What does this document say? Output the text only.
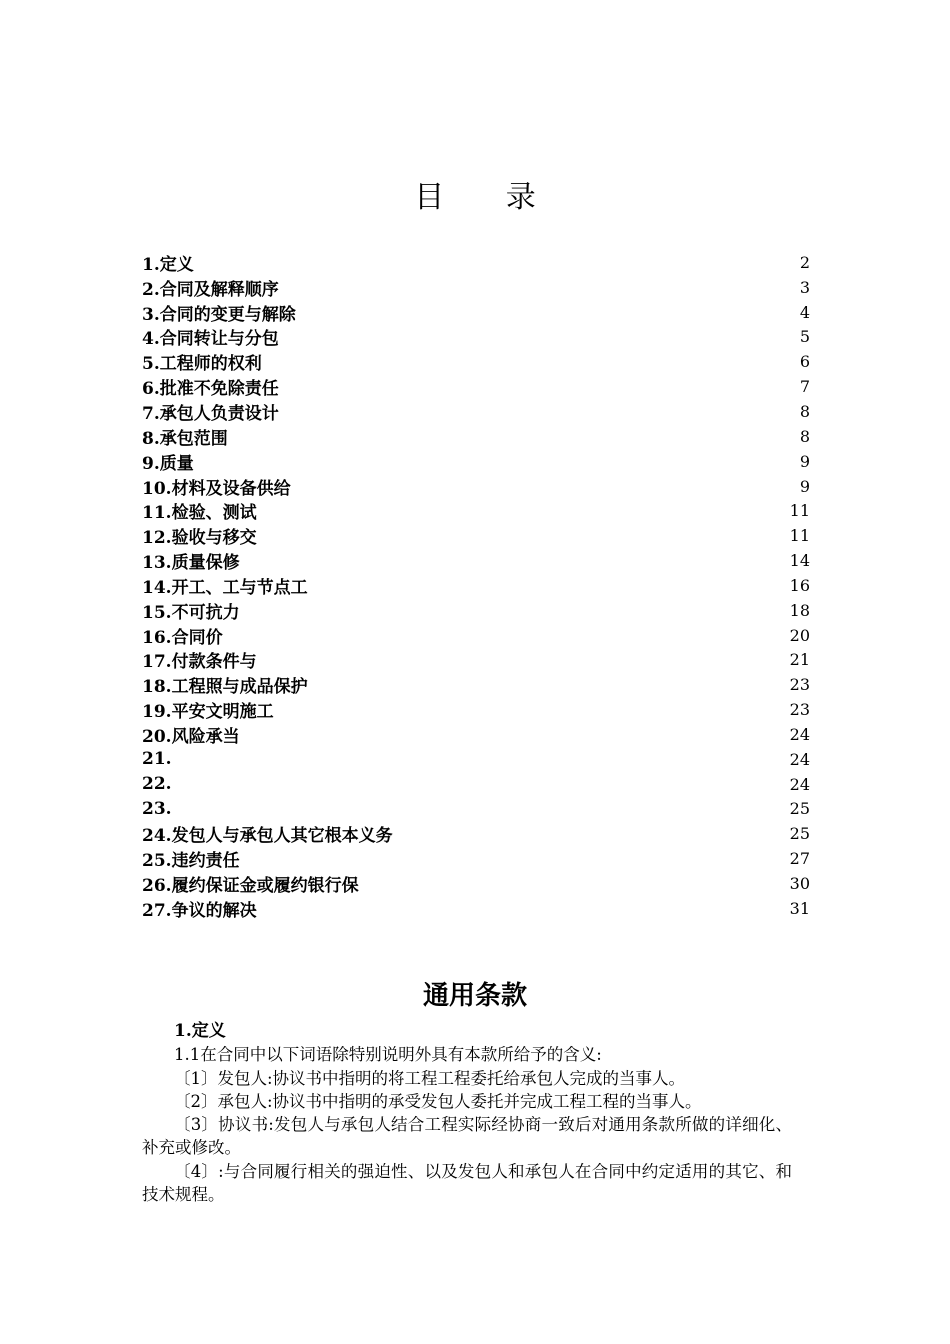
目 录
1.定义	2
2.合同及解释顺序	3
3.合同的变更与解除	4
4.合同转让与分包	5
5.工程师的权利	6
6.批准不免除责任	7
7.承包人负责设计	8
8.承包范围	8
9.质量	9
10.材料及设备供给	9
11.检验、测试	11
12.验收与移交	11
13.质量保修	14
14.开工、工与节点工	16
15.不可抗力	18
16.合同价	20
17.付款条件与	21
18.工程照与成品保护	23
19.平安文明施工	23
20.风险承当	24
21.	24
22.	24
23.	25
24.发包人与承包人其它根本义务	25
25.违约责任	27
26.履约保证金或履约银行保	30
27.争议的解决	31
通用条款

1.定义

1.1在合同中以下词语除特别说明外具有本款所给予的含义:

〔1〕发包人:协议书中指明的将工程工程委托给承包人完成的当事人。

〔2〕承包人:协议书中指明的承受发包人委托并完成工程工程的当事人。

〔3〕协议书:发包人与承包人结合工程实际经协商一致后对通用条款所做的详细化、补充或修改。

〔4〕:与合同履行相关的强迫性、以及发包人和承包人在合同中约定适用的其它、和技术规程。
